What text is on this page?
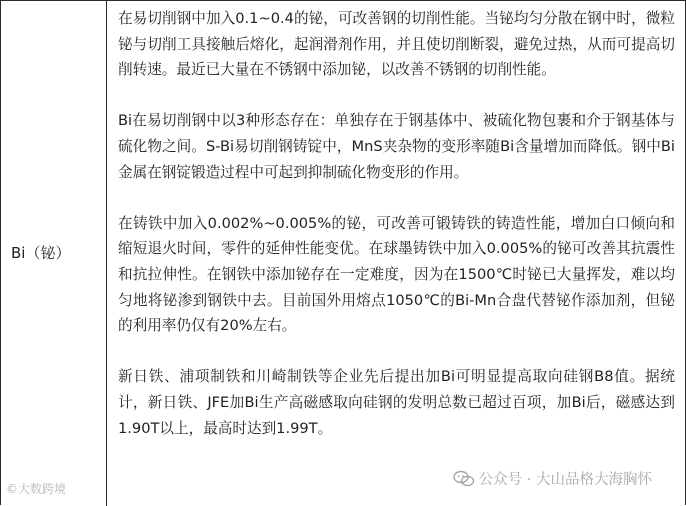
Bi（铋）

在易切削钢中加入0.1~0.4的铋，可改善钢的切削性能。当铋均匀分散在钢中时，微粒铋与切削工具接触后熔化，起润滑剂作用，并且使切削断裂，避免过热，从而可提高切削转速。最近已大量在不锈钢中添加铋，以改善不锈钢的切削性能。

Bi在易切削钢中以3种形态存在：单独存在于钢基体中、被硫化物包裹和介于钢基体与硫化物之间。S-Bi易切削钢铸锭中，MnS夹杂物的变形率随Bi含量增加而降低。钢中Bi金属在钢锭锻造过程中可起到抑制硫化物变形的作用。

在铸铁中加入0.002%~0.005%的铋，可改善可锻铸铁的铸造性能，增加白口倾向和缩短退火时间，零件的延伸性能变优。在球墨铸铁中加入0.005%的铋可改善其抗震性和抗拉伸性。在钢铁中添加铋存在一定难度，因为在1500℃时铋已大量挥发，难以均匀地将铋渗到钢铁中去。目前国外用熔点1050℃的Bi-Mn合盘代替铋作添加剂，但铋的利用率仍仅有20%左右。

新日铁、浦项制铁和川崎制铁等企业先后提出加Bi可明显提高取向硅钢B8值。据统计，新日铁、JFE加Bi生产高磁感取向硅钢的发明总数已超过百项，加Bi后，磁感达到1.90T以上，最高时达到1.99T。

公众号 · 大山品格大海胸怀
©大数跨境
